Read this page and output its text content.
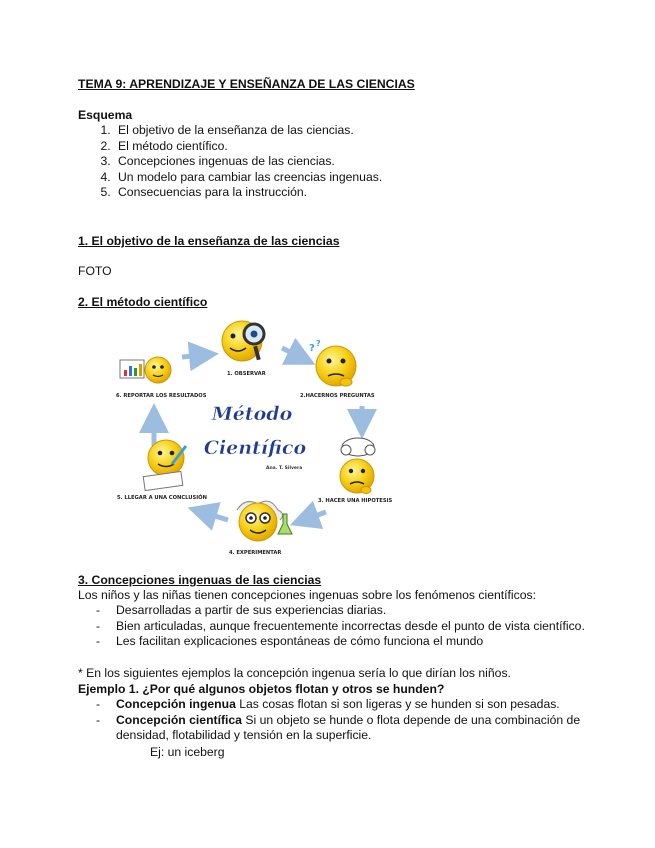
TEMA 9: APRENDIZAJE Y ENSEÑANZA DE LAS CIENCIAS
Esquema
1. El objetivo de la enseñanza de las ciencias.
2. El método científico.
3. Concepciones ingenuas de las ciencias.
4. Un modelo para cambiar las creencias ingenuas.
5. Consecuencias para la instrucción.
1. El objetivo de la enseñanza de las ciencias
FOTO
2. El método científico
1. OBSERVAR
? ?
2.HACERNOS PREGUNTAS
3. HACER UNA HIPOTESIS
4. EXPERIMENTAR
5. LLEGAR A UNA CONCLUSIÓN
6. REPORTAR LOS RESULTADOS
Método
Científico
Ana. T. Silvera
3. Concepciones ingenuas de las ciencias
Los niños y las niñas tienen concepciones ingenuas sobre los fenómenos científicos:
- Desarrolladas a partir de sus experiencias diarias.
- Bien articuladas, aunque frecuentemente incorrectas desde el punto de vista científico.
- Les facilitan explicaciones espontáneas de cómo funciona el mundo
* En los siguientes ejemplos la concepción ingenua sería lo que dirían los niños.
Ejemplo 1. ¿Por qué algunos objetos flotan y otros se hunden?
- Concepción ingenua Las cosas flotan si son ligeras y se hunden si son pesadas.
- Concepción científica Si un objeto se hunde o flota depende de una combinación de
densidad, flotabilidad y tensión en la superficie.
Ej: un iceberg
